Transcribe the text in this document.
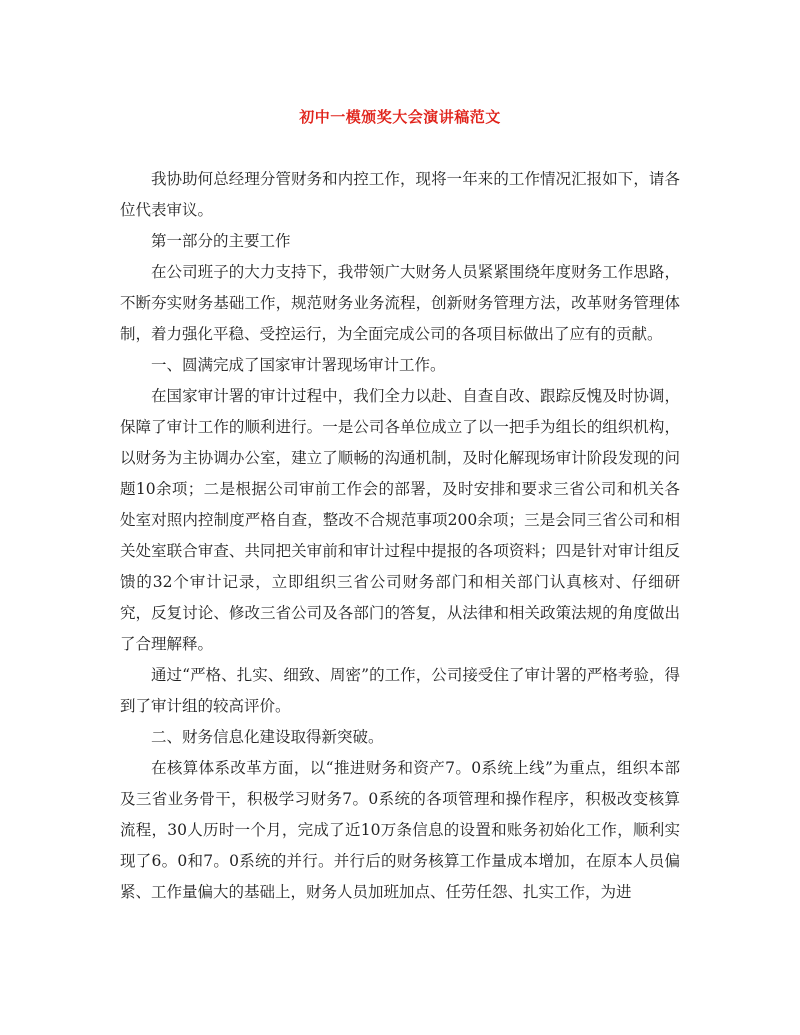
初中一模颁奖大会演讲稿范文

我协助何总经理分管财务和内控工作，现将一年来的工作情况汇报如下，请各位代表审议。

第一部分的主要工作

在公司班子的大力支持下，我带领广大财务人员紧紧围绕年度财务工作思路，不断夯实财务基础工作，规范财务业务流程，创新财务管理方法，改革财务管理体制，着力强化平稳、受控运行，为全面完成公司的各项目标做出了应有的贡献。

一、圆满完成了国家审计署现场审计工作。

在国家审计署的审计过程中，我们全力以赴、自查自改、跟踪反愧及时协调，保障了审计工作的顺利进行。一是公司各单位成立了以一把手为组长的组织机构，以财务为主协调办公室，建立了顺畅的沟通机制，及时化解现场审计阶段发现的问题10余项；二是根据公司审前工作会的部署，及时安排和要求三省公司和机关各处室对照内控制度严格自查，整改不合规范事项200余项；三是会同三省公司和相关处室联合审查、共同把关审前和审计过程中提报的各项资料；四是针对审计组反馈的32个审计记录，立即组织三省公司财务部门和相关部门认真核对、仔细研究，反复讨论、修改三省公司及各部门的答复，从法律和相关政策法规的角度做出了合理解释。

通过“严格、扎实、细致、周密”的工作，公司接受住了审计署的严格考验，得到了审计组的较高评价。

二、财务信息化建设取得新突破。

在核算体系改革方面，以“推进财务和资产7。0系统上线”为重点，组织本部及三省业务骨干，积极学习财务7。0系统的各项管理和操作程序，积极改变核算流程，30人历时一个月，完成了近10万条信息的设置和账务初始化工作，顺利实现了6。0和7。0系统的并行。并行后的财务核算工作量成本增加，在原本人员偏紧、工作量偏大的基础上，财务人员加班加点、任劳任怨、扎实工作，为进
